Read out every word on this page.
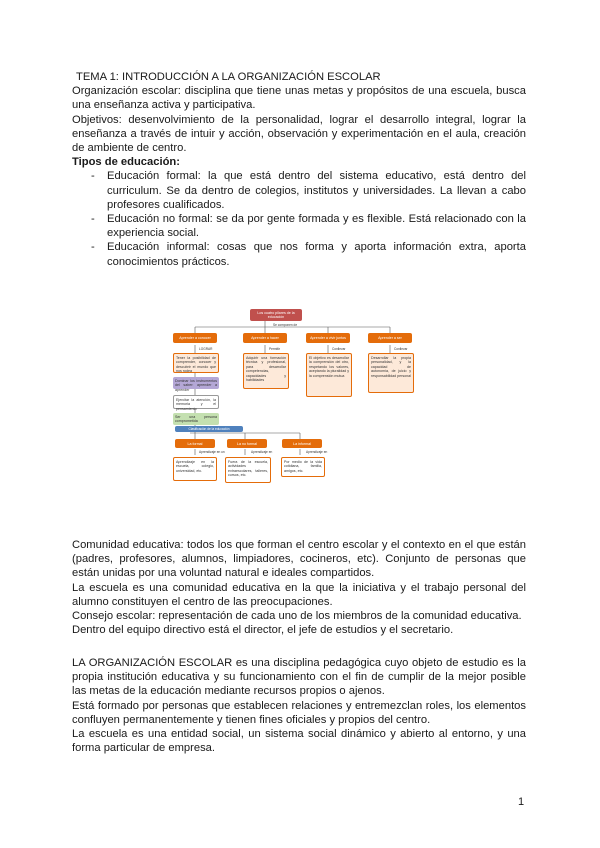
TEMA 1: INTRODUCCIÓN A LA ORGANIZACIÓN ESCOLAR

Organización escolar: disciplina que tiene unas metas y propósitos de una escuela, busca una enseñanza activa y participativa.

Objetivos: desenvolvimiento de la personalidad, lograr el desarrollo integral, lograr la enseñanza a través de intuir y acción, observación y experimentación en el aula, creación de ambiente de centro.

Tipos de educación:

- Educación formal: la que está dentro del sistema educativo, está dentro del curriculum. Se da dentro de colegios, institutos y universidades. La llevan a cabo profesores cualificados.
- Educación no formal: se da por gente formada y es flexible. Está relacionado con la experiencia social.
- Educación informal: cosas que nos forma y aporta información extra, aporta conocimientos prácticos.
Los cuatro pilares de la educación
Se componen de
Aprender a conocer	Aprender a hacer	Aprender a vivir juntos	Aprender a ser
LOGRAR	Permitir	Conllevar	Conllevar
Tener la posibilidad de comprender, conocer y descubrir el mundo que nos rodea
Adquirir una formación técnica y profesional, para desarrollar competencias, capacidades y habilidades
El objetivo es desarrollar la comprensión del otro, respetando los valores, aceptando la pluralidad y la comprensión mutua
Desarrollar la propia personalidad, y la capacidad de autonomía, de juicio y responsabilidad personal
Dominar los instrumentos del saber: aprender a aprender
Ejercitar la atención, la memoria y el pensamiento
Ser una persona comprometida
Clasificación de la educación
La formal	La no formal	La informal
Aprendizaje en un	Aprendizaje en	Aprendizaje en
Aprendizaje en la escuela, colegio, universidad, etc.
Fuera de la escuela, actividades extraescolares, talleres, cursos, etc.
Por medio de la vida cotidiana, familia, amigos, etc.

Comunidad educativa: todos los que forman el centro escolar y el contexto en el que están (padres, profesores, alumnos, limpiadores, cocineros, etc). Conjunto de personas que están unidas por una voluntad natural e ideales compartidos.

La escuela es una comunidad educativa en la que la iniciativa y el trabajo personal del alumno constituyen el centro de las preocupaciones.

Consejo escolar: representación de cada uno de los miembros de la comunidad educativa.

Dentro del equipo directivo está el director, el jefe de estudios y el secretario.

LA ORGANIZACIÓN ESCOLAR es una disciplina pedagógica cuyo objeto de estudio es la propia institución educativa y su funcionamiento con el fin de cumplir de la mejor posible las metas de la educación mediante recursos propios o ajenos.

Está formado por personas que establecen relaciones y entremezclan roles, los elementos confluyen permanentemente y tienen fines oficiales y propios del centro.

La escuela es una entidad social, un sistema social dinámico y abierto al entorno, y una forma particular de empresa.

1
